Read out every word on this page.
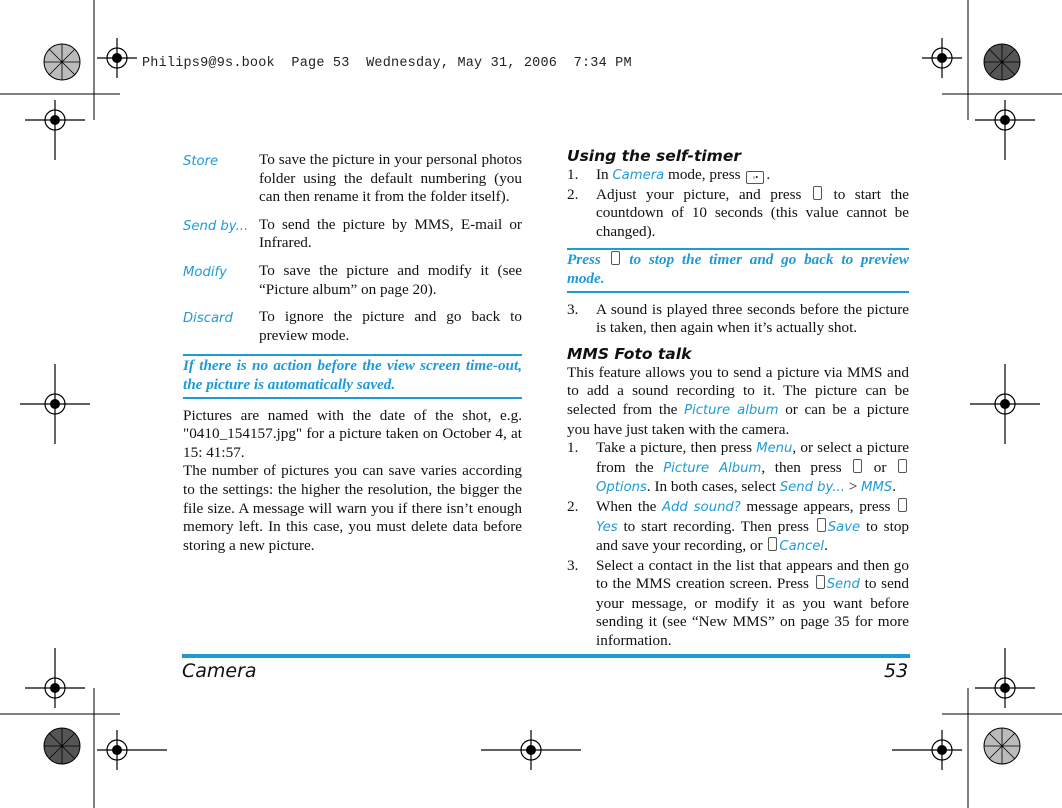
Philips9@9s.book  Page 53  Wednesday, May 31, 2006  7:34 PM
Store	To save the picture in your personal photos folder using the default numbering (you can then rename it from the folder itself).
Send by... To send the picture by MMS, E-mail or Infrared.
Modify	To save the picture and modify it (see “Picture album” on page 20).
Discard	To ignore the picture and go back to preview mode.
If there is no action before the view screen time-out, the picture is automatically saved.

Pictures are named with the date of the shot, e.g. "0410_154157.jpg" for a picture taken on October 4, at 15: 41:57.

The number of pictures you can save varies according to the settings: the higher the resolution, the bigger the file size. A message will warn you if there isn’t enough memory left. In this case, you must delete data before storing a new picture.

Using the self-timer
1.	In Camera mode, press ◦• .
2.	Adjust your picture, and press  to start the countdown of 10 seconds (this value cannot be changed).
Press  to stop the timer and go back to preview mode.
3.	A sound is played three seconds before the picture is taken, then again when it’s actually shot.
MMS Foto talk

This feature allows you to send a picture via MMS and to add a sound recording to it. The picture can be selected from the Picture album or can be a picture you have just taken with the camera.

1.	Take a picture, then press Menu, or select a picture from the Picture Album, then press  or Options. In both cases, select Send by... > MMS.
2.	When the Add sound? message appears, press Yes to start recording. Then press Save to stop and save your recording, or Cancel.
3.	Select a contact in the list that appears and then go to the MMS creation screen. Press Send to send your message, or modify it as you want before sending it (see “New MMS” on page 35 for more information.
Camera	53
